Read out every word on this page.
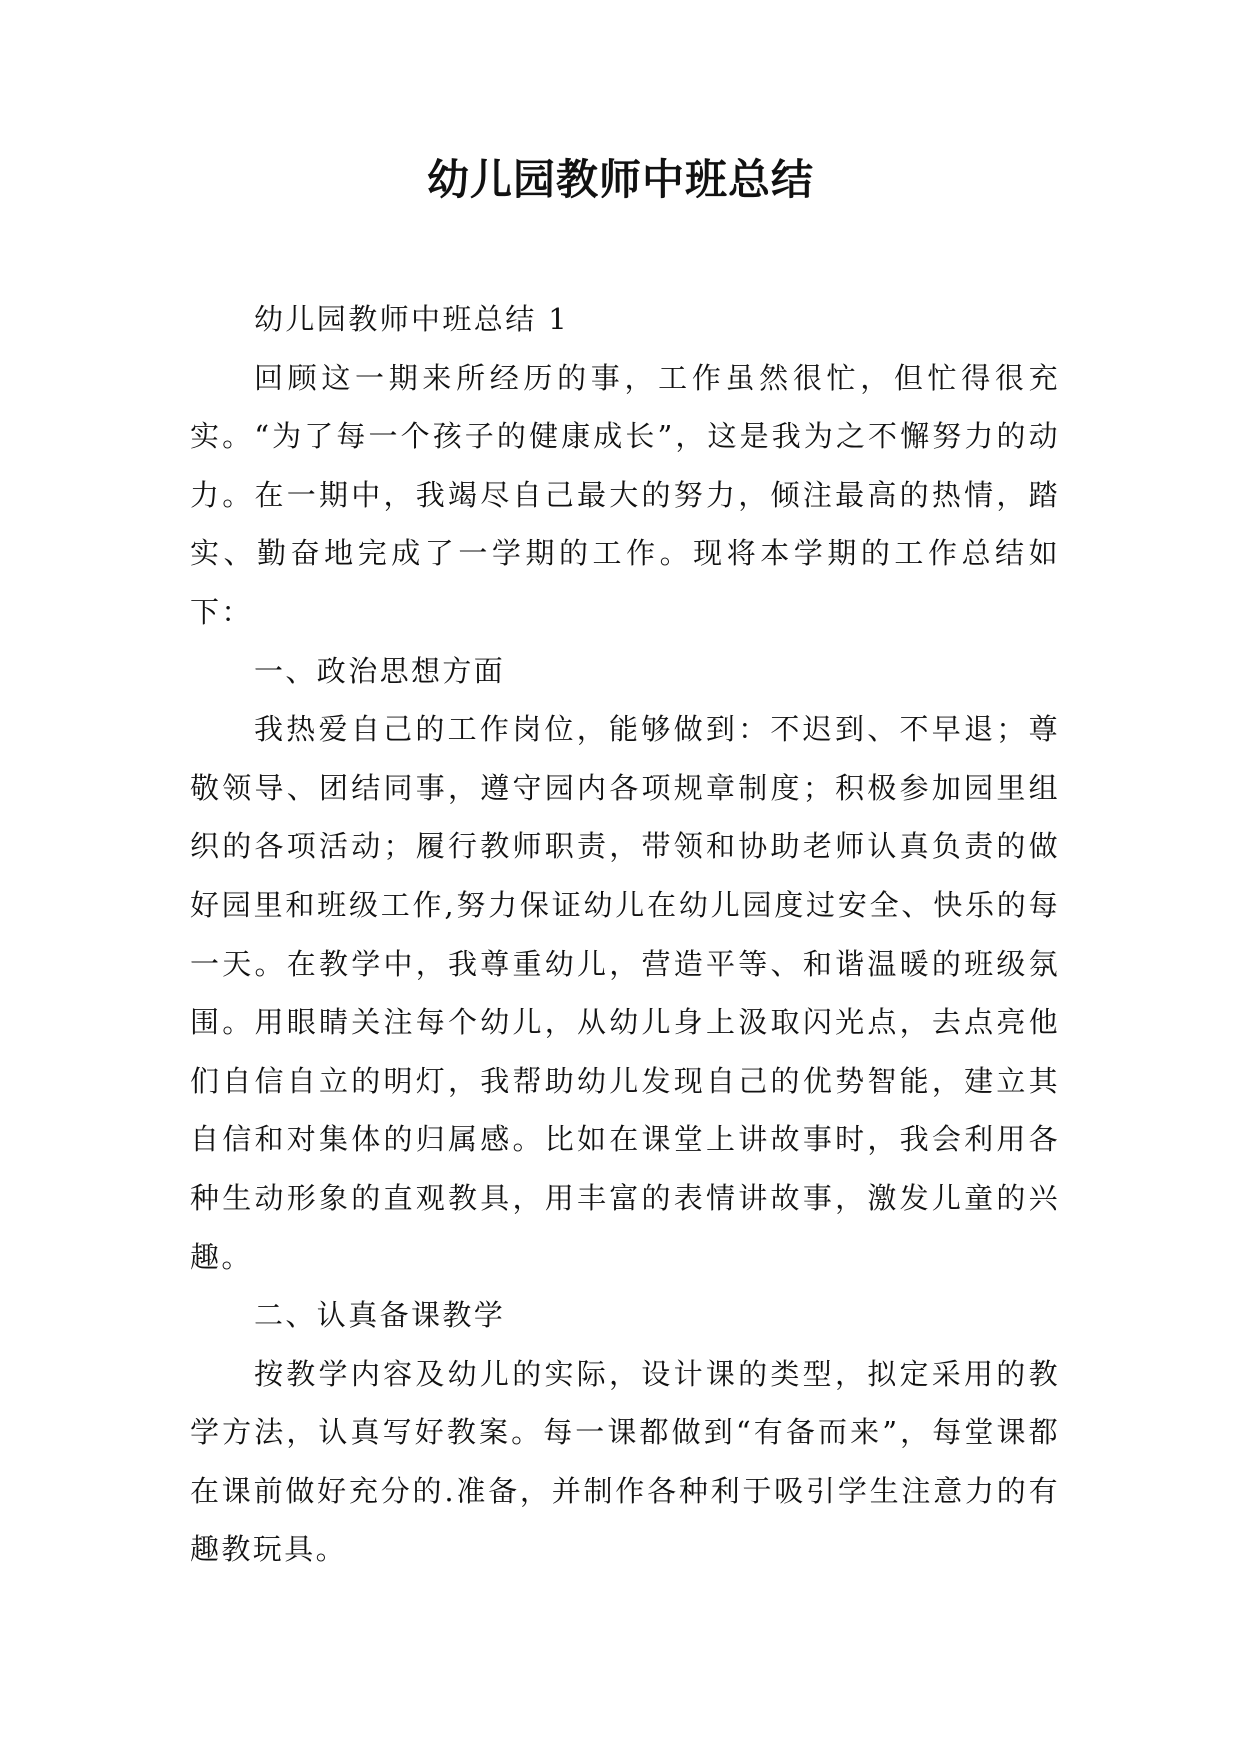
幼儿园教师中班总结

幼儿园教师中班总结 1

回顾这一期来所经历的事，工作虽然很忙，但忙得很充实。“为了每一个孩子的健康成长”，这是我为之不懈努力的动力。在一期中，我竭尽自己最大的努力，倾注最高的热情，踏实、勤奋地完成了一学期的工作。现将本学期的工作总结如下：

一、政治思想方面

我热爱自己的工作岗位，能够做到：不迟到、不早退；尊敬领导、团结同事，遵守园内各项规章制度；积极参加园里组织的各项活动；履行教师职责，带领和协助老师认真负责的做好园里和班级工作,努力保证幼儿在幼儿园度过安全、快乐的每一天。在教学中，我尊重幼儿，营造平等、和谐温暖的班级氛围。用眼睛关注每个幼儿，从幼儿身上汲取闪光点，去点亮他们自信自立的明灯，我帮助幼儿发现自己的优势智能，建立其自信和对集体的归属感。比如在课堂上讲故事时，我会利用各种生动形象的直观教具，用丰富的表情讲故事，激发儿童的兴趣。

二、认真备课教学

按教学内容及幼儿的实际，设计课的类型，拟定采用的教学方法，认真写好教案。每一课都做到“有备而来”，每堂课都在课前做好充分的.准备，并制作各种利于吸引学生注意力的有趣教玩具。
